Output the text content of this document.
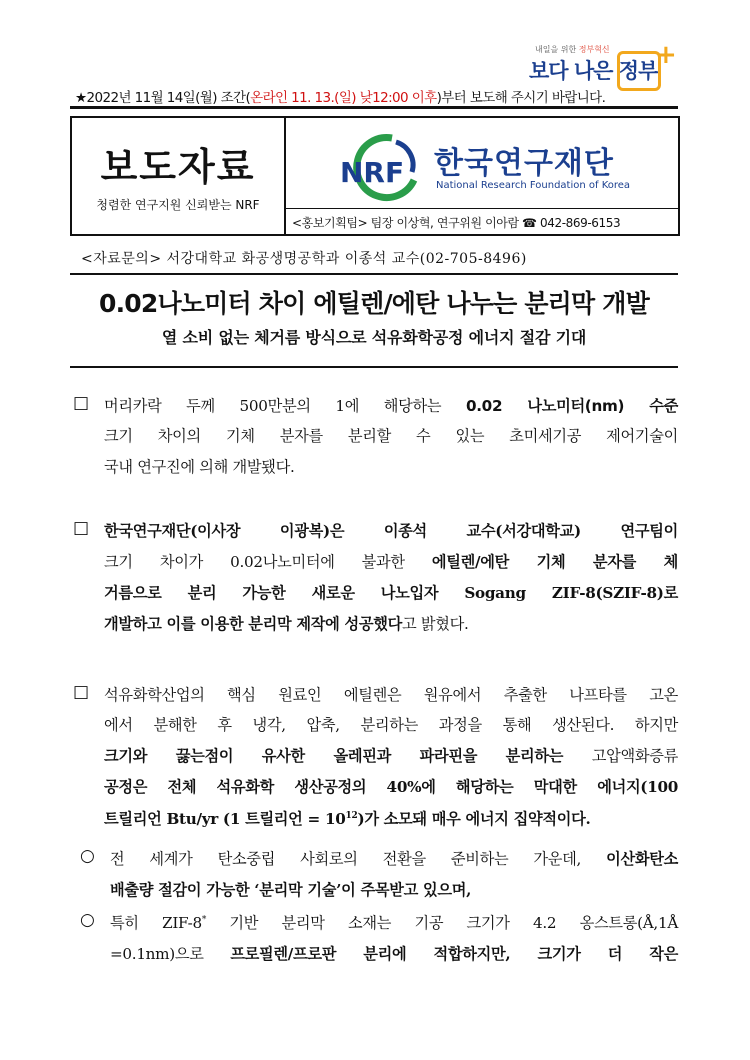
내일을 위한 정부혁신
보다 나은 정부
+
★2022년 11월 14일(월) 조간(온라인 11. 13.(일) 낮12:00 이후)부터 보도해 주시기 바랍니다.
보도자료
청렴한 연구지원 신뢰받는 NRF
NRF 한국연구재단
National Research Foundation of Korea
<홍보기획팀> 팀장 이상혁, 연구위원 이아람 ☎ 042-869-6153
<자료문의> 서강대학교 화공생명공학과 이종석 교수(02-705-8496)
0.02나노미터 차이 에틸렌/에탄 나누는 분리막 개발
열 소비 없는 체거름 방식으로 석유화학공정 에너지 절감 기대
□ 머리카락 두께 500만분의 1에 해당하는 0.02 나노미터(nm) 수준
크기 차이의 기체 분자를 분리할 수 있는 초미세기공 제어기술이
국내 연구진에 의해 개발됐다.
□ 한국연구재단(이사장 이광복)은 이종석 교수(서강대학교) 연구팀이
크기 차이가 0.02나노미터에 불과한 에틸렌/에탄 기체 분자를 체
거름으로 분리 가능한 새로운 나노입자 Sogang ZIF-8(SZIF-8)로
개발하고 이를 이용한 분리막 제작에 성공했다고 밝혔다.
□ 석유화학산업의 핵심 원료인 에틸렌은 원유에서 추출한 나프타를 고온
에서 분해한 후 냉각, 압축, 분리하는 과정을 통해 생산된다. 하지만
크기와 끓는점이 유사한 올레핀과 파라핀을 분리하는 고압액화증류
공정은 전체 석유화학 생산공정의 40%에 해당하는 막대한 에너지(100
트릴리언 Btu/yr (1 트릴리언 = $10^{12}$)가 소모돼 매우 에너지 집약적이다.
○ 전 세계가 탄소중립 사회로의 전환을 준비하는 가운데, 이산화탄소
배출량 절감이 가능한 ‘분리막 기술’이 주목받고 있으며,
○ 특히 ZIF-8* 기반 분리막 소재는 기공 크기가 4.2 옹스트롱(Å,1Å
=0.1nm)으로 프로필렌/프로판 분리에 적합하지만, 크기가 더 작은
